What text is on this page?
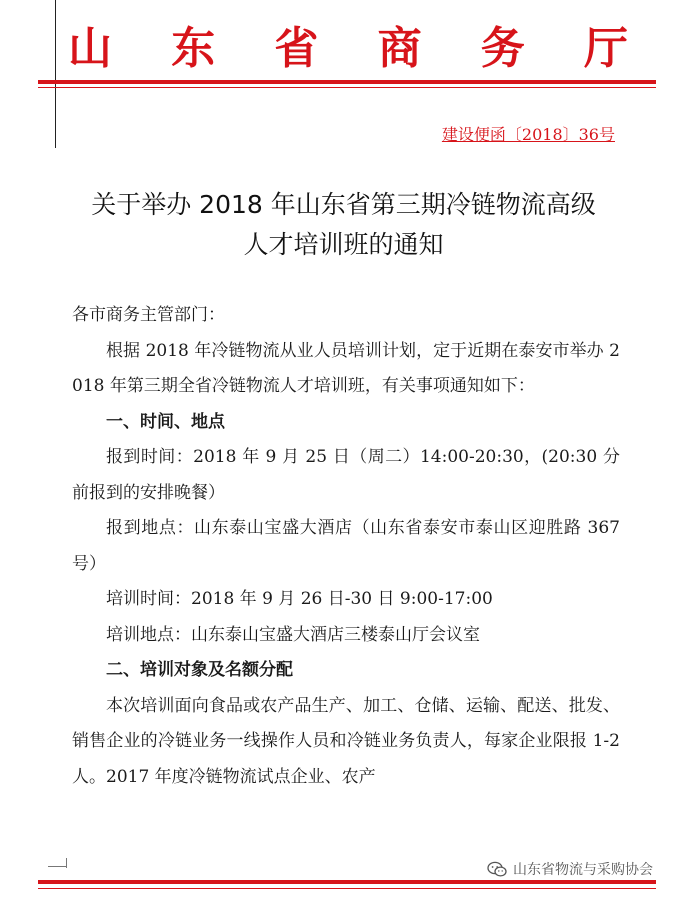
山 东 省 商 务 厅
建设便函〔2018〕36号
关于举办 2018 年山东省第三期冷链物流高级
人才培训班的通知

各市商务主管部门：

根据 2018 年冷链物流从业人员培训计划，定于近期在泰安市举办 2018 年第三期全省冷链物流人才培训班，有关事项通知如下：

一、时间、地点

报到时间：2018 年 9 月 25 日（周二）14:00-20:30，(20:30 分前报到的安排晚餐）

报到地点：山东泰山宝盛大酒店（山东省泰安市泰山区迎胜路 367 号）

培训时间：2018 年 9 月 26 日-30 日 9:00-17:00

培训地点：山东泰山宝盛大酒店三楼泰山厅会议室

二、培训对象及名额分配

本次培训面向食品或农产品生产、加工、仓储、运输、配送、批发、销售企业的冷链业务一线操作人员和冷链业务负责人，每家企业限报 1-2 人。2017 年度冷链物流试点企业、农产

山东省物流与采购协会
